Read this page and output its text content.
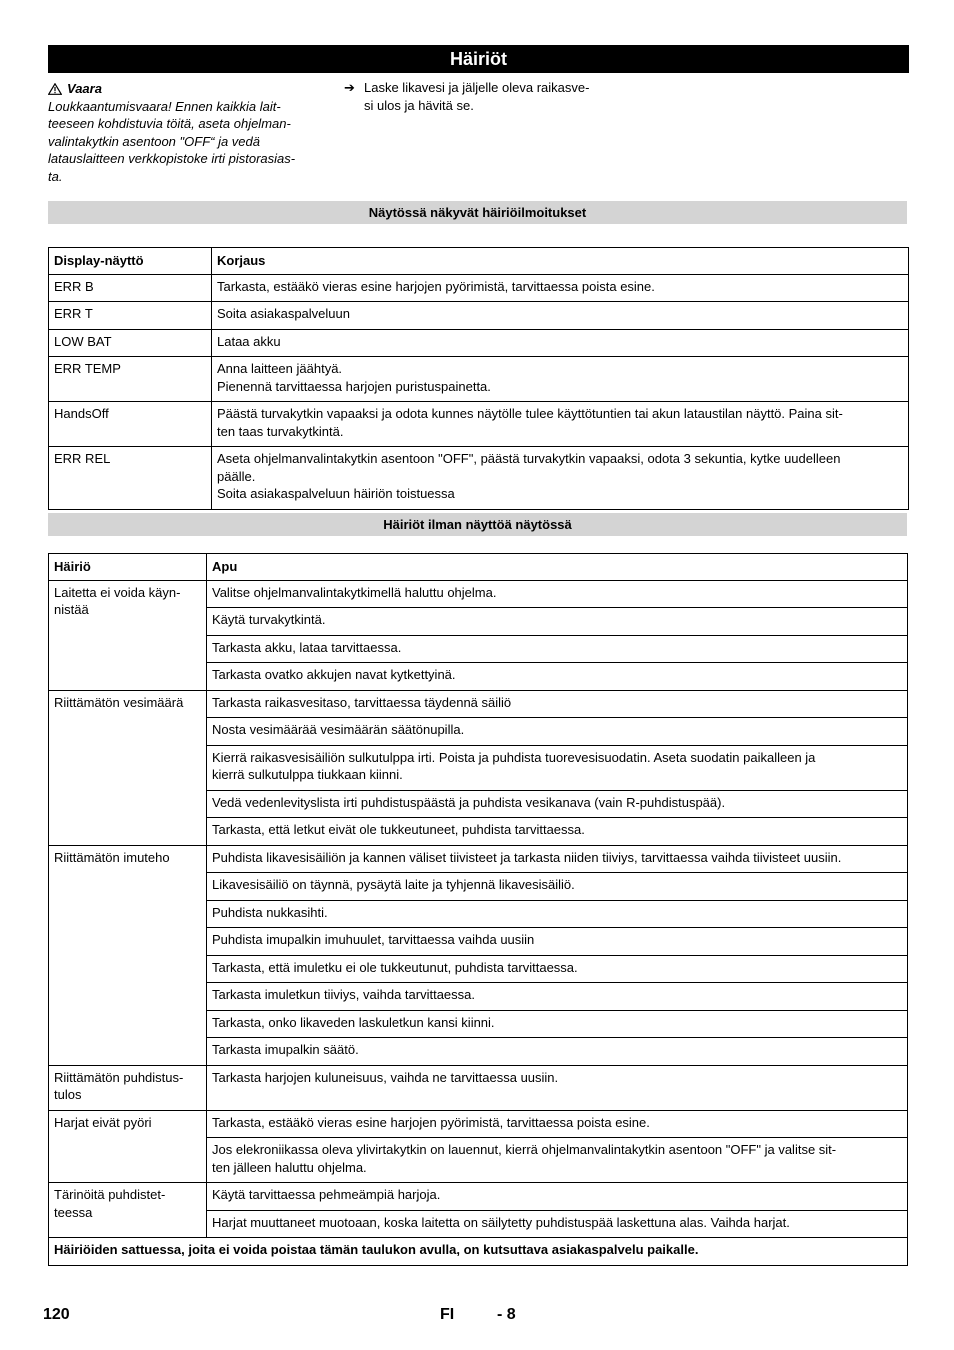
Häiriöt
Vaara
Loukkaantumisvaara! Ennen kaikkia lait-
teeseen kohdistuvia töitä, aseta ohjelman-
valintakytkin asentoon "OFF“ ja vedä
latauslaitteen verkkopistoke irti pistorasias-
ta.
➔ Laske likavesi ja jäljelle oleva raikasve-
si ulos ja hävitä se.
Näytössä näkyvät häiriöilmoitukset
Display-näyttö	Korjaus
ERR B	Tarkasta, estääkö vieras esine harjojen pyörimistä, tarvittaessa poista esine.

ERR T	Soita asiakaspalveluun

LOW BAT	Lataa akku

ERR TEMP	Anna laitteen jäähtyä.
Pienennä tarvittaessa harjojen puristuspainetta.

HandsOff	Päästä turvakytkin vapaaksi ja odota kunnes näytölle tulee käyttötuntien tai akun lataustilan näyttö. Paina sit-
ten taas turvakytkintä.

ERR REL	Aseta ohjelmanvalintakytkin asentoon "OFF", päästä turvakytkin vapaaksi, odota 3 sekuntia, kytke uudelleen
päälle.
Soita asiakaspalveluun häiriön toistuessa
Häiriöt ilman näyttöä näytössä
Häiriö	Apu

Laitetta ei voida käyn-
nistää	Valitse ohjelmanvalintakytkimellä haluttu ohjelma.

	Käytä turvakytkintä.

	Tarkasta akku, lataa tarvittaessa.

	Tarkasta ovatko akkujen navat kytkettyinä.

Riittämätön vesimäärä	Tarkasta raikasvesitaso, tarvittaessa täydennä säiliö

	Nosta vesimäärää vesimäärän säätönupilla.

	Kierrä raikasvesisäiliön sulkutulppa irti. Poista ja puhdista tuorevesisuodatin. Aseta suodatin paikalleen ja
kierrä sulkutulppa tiukkaan kiinni.

	Vedä vedenlevityslista irti puhdistuspäästä ja puhdista vesikanava (vain R-puhdistuspää).

	Tarkasta, että letkut eivät ole tukkeutuneet, puhdista tarvittaessa.

Riittämätön imuteho	Puhdista likavesisäiliön ja kannen väliset tiivisteet ja tarkasta niiden tiiviys, tarvittaessa vaihda tiivisteet uusiin.

	Likavesisäiliö on täynnä, pysäytä laite ja tyhjennä likavesisäiliö.

	Puhdista nukkasihti.

	Puhdista imupalkin imuhuulet, tarvittaessa vaihda uusiin

	Tarkasta, että imuletku ei ole tukkeutunut, puhdista tarvittaessa.

	Tarkasta imuletkun tiiviys, vaihda tarvittaessa.

	Tarkasta, onko likaveden laskuletkun kansi kiinni.

	Tarkasta imupalkin säätö.

Riittämätön puhdistus-
tulos	Tarkasta harjojen kuluneisuus, vaihda ne tarvittaessa uusiin.

Harjat eivät pyöri	Tarkasta, estääkö vieras esine harjojen pyörimistä, tarvittaessa poista esine.

	Jos elekroniikassa oleva ylivirtakytkin on lauennut, kierrä ohjelmanvalintakytkin asentoon "OFF" ja valitse sit-
ten jälleen haluttu ohjelma.

Tärinöitä puhdistet-
teessa	Käytä tarvittaessa pehmeämpiä harjoja.

	Harjat muuttaneet muotoaan, koska laitetta on säilytetty puhdistuspää laskettuna alas. Vaihda harjat.

Häiriöiden sattuessa, joita ei voida poistaa tämän taulukon avulla, on kutsuttava asiakaspalvelu paikalle.	
120	FI	- 8
